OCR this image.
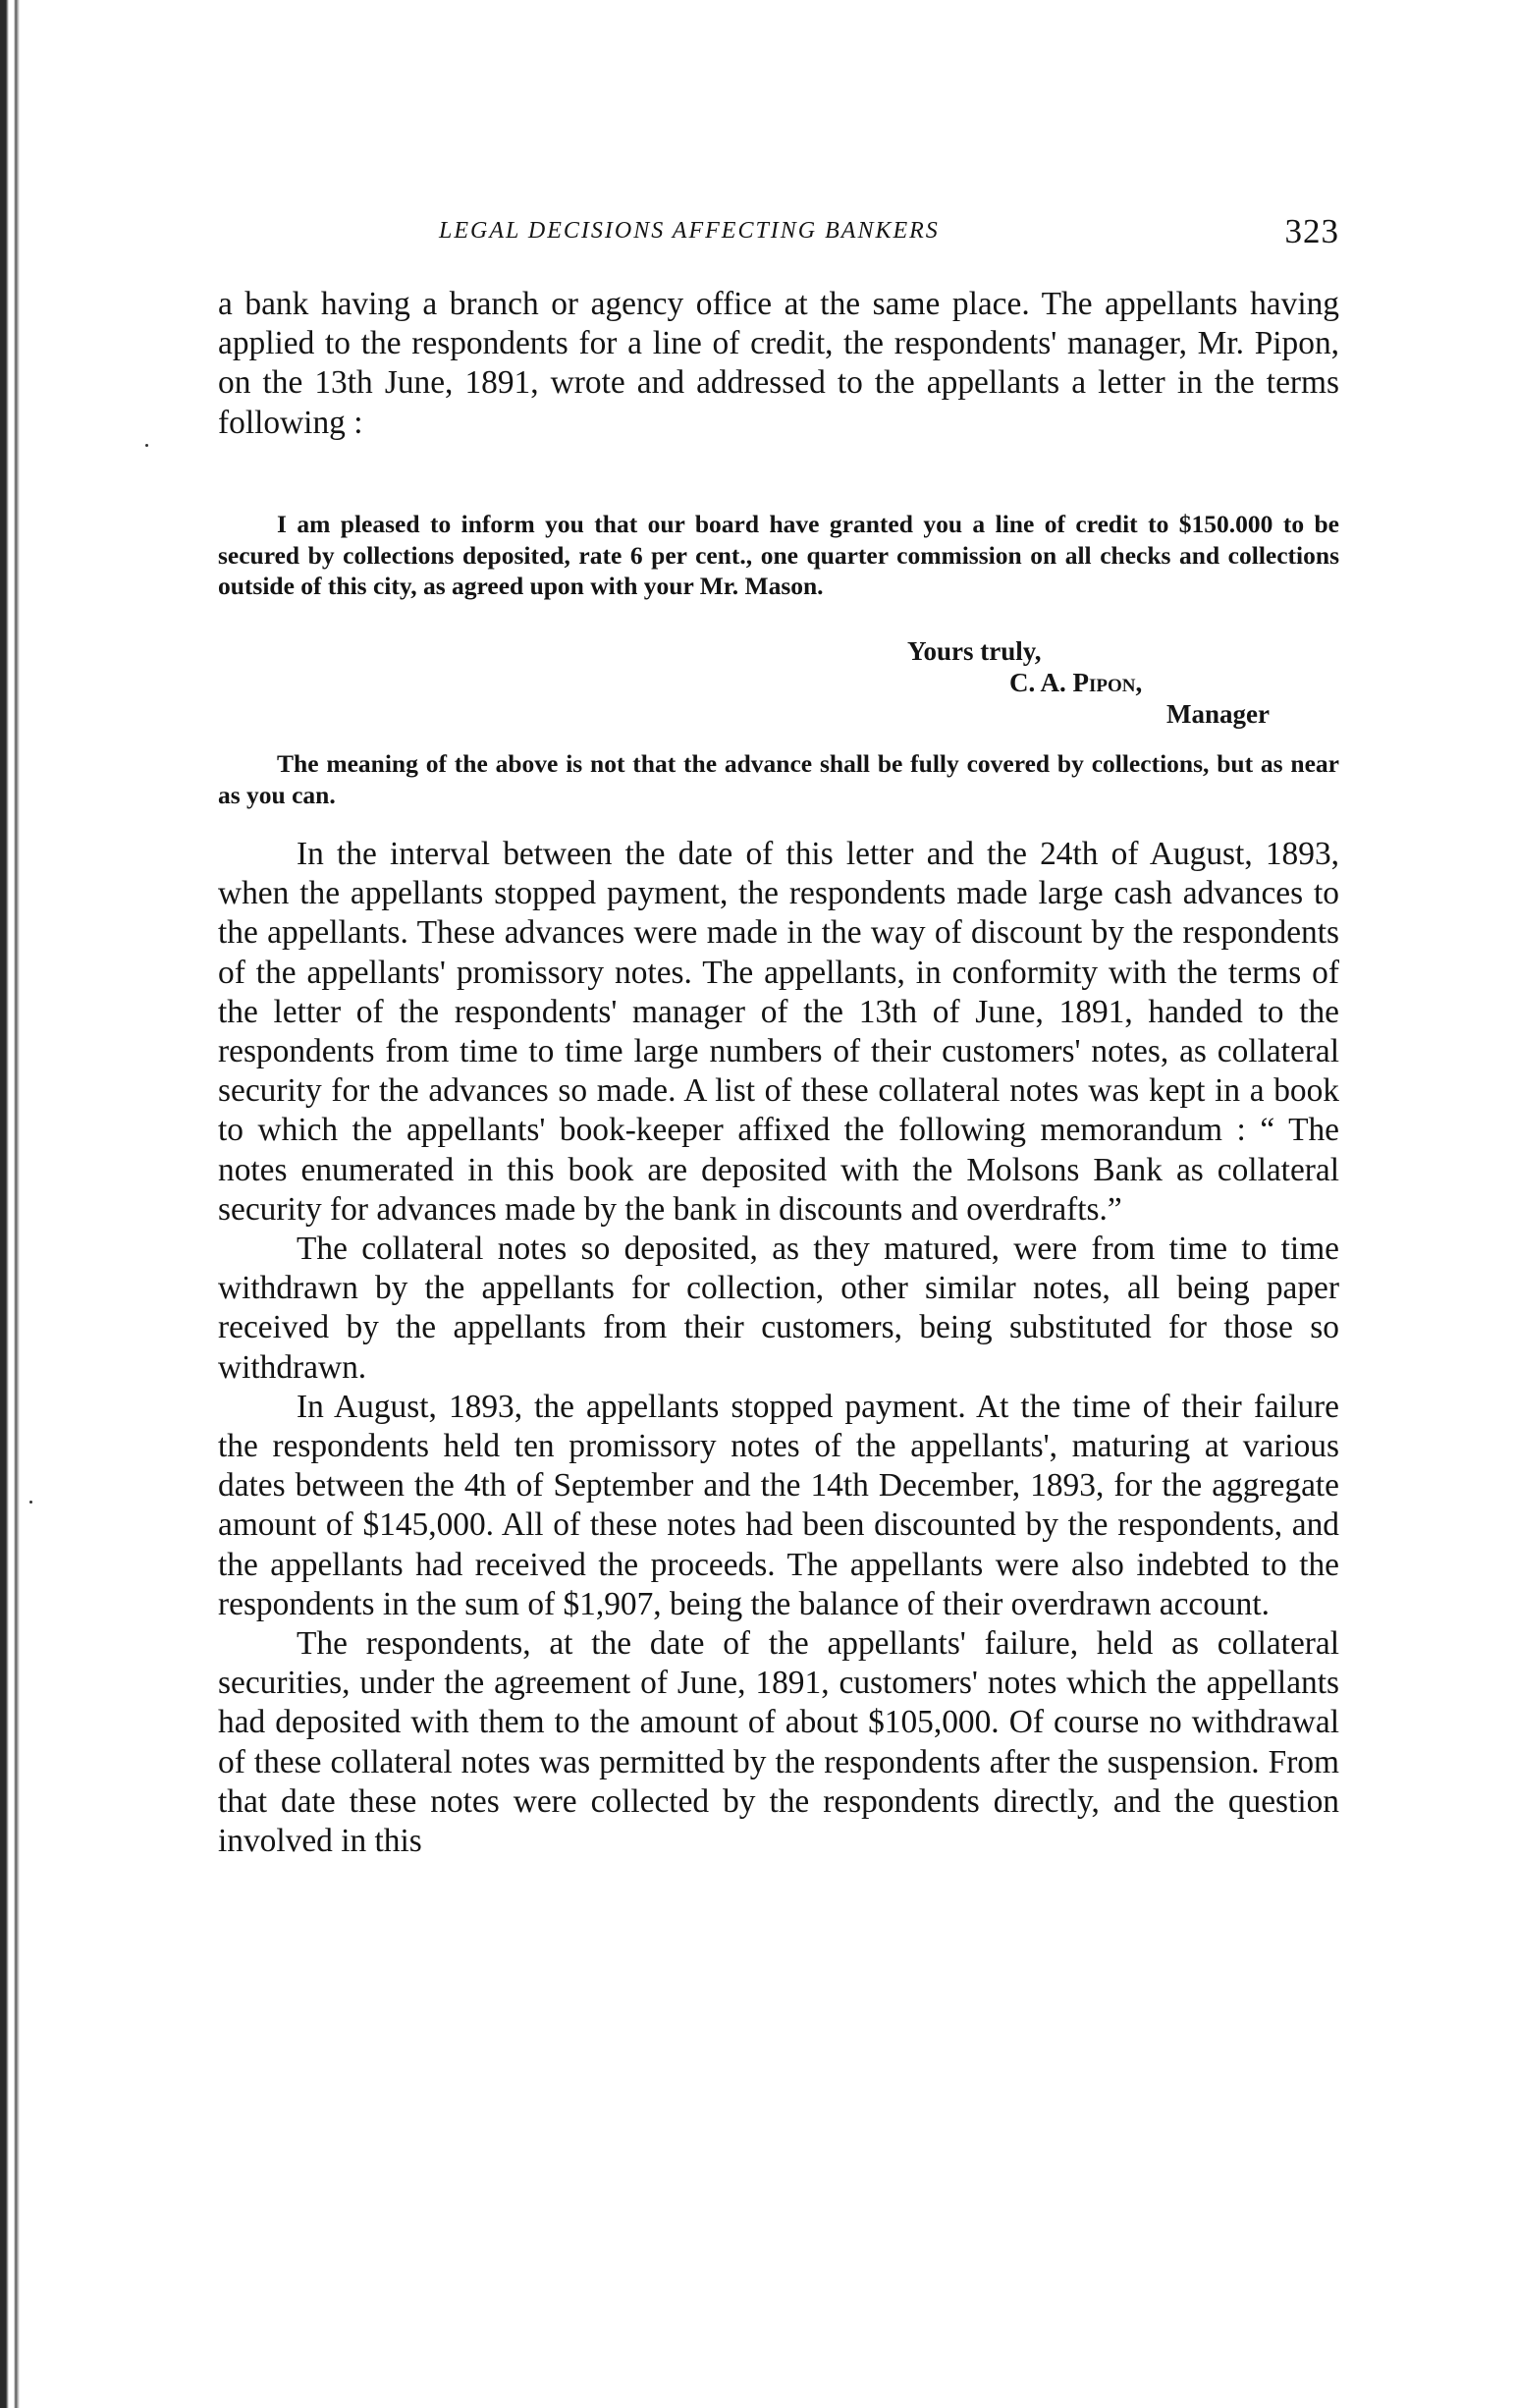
LEGAL DECISIONS AFFECTING BANKERS	323

a bank having a branch or agency office at the same place. The appellants having applied to the respondents for a line of credit, the respondents' manager, Mr. Pipon, on the 13th June, 1891, wrote and addressed to the appellants a letter in the terms following :

I am pleased to inform you that our board have granted you a line of credit to $150.000 to be secured by collections deposited, rate 6 per cent., one quarter commission on all checks and collections outside of this city, as agreed upon with your Mr. Mason.

Yours truly,
C. A. Pipon,
Manager

The meaning of the above is not that the advance shall be fully covered by collections, but as near as you can.

In the interval between the date of this letter and the 24th of August, 1893, when the appellants stopped payment, the respondents made large cash advances to the appellants. These advances were made in the way of discount by the respondents of the appellants' promissory notes. The appellants, in conformity with the terms of the letter of the respondents' manager of the 13th of June, 1891, handed to the respondents from time to time large numbers of their customers' notes, as collateral security for the advances so made. A list of these collateral notes was kept in a book to which the appellants' book-keeper affixed the following memorandum : “ The notes enumerated in this book are deposited with the Molsons Bank as collateral security for advances made by the bank in discounts and overdrafts.”

The collateral notes so deposited, as they matured, were from time to time withdrawn by the appellants for collection, other similar notes, all being paper received by the appellants from their customers, being substituted for those so withdrawn.

In August, 1893, the appellants stopped payment. At the time of their failure the respondents held ten promissory notes of the appellants', maturing at various dates between the 4th of September and the 14th December, 1893, for the aggregate amount of $145,000. All of these notes had been discounted by the respondents, and the appellants had received the proceeds. The appellants were also indebted to the respondents in the sum of $1,907, being the balance of their overdrawn account.

The respondents, at the date of the appellants' failure, held as collateral securities, under the agreement of June, 1891, customers' notes which the appellants had deposited with them to the amount of about $105,000. Of course no withdrawal of these collateral notes was permitted by the respondents after the suspension. From that date these notes were collected by the respondents directly, and the question involved in this
